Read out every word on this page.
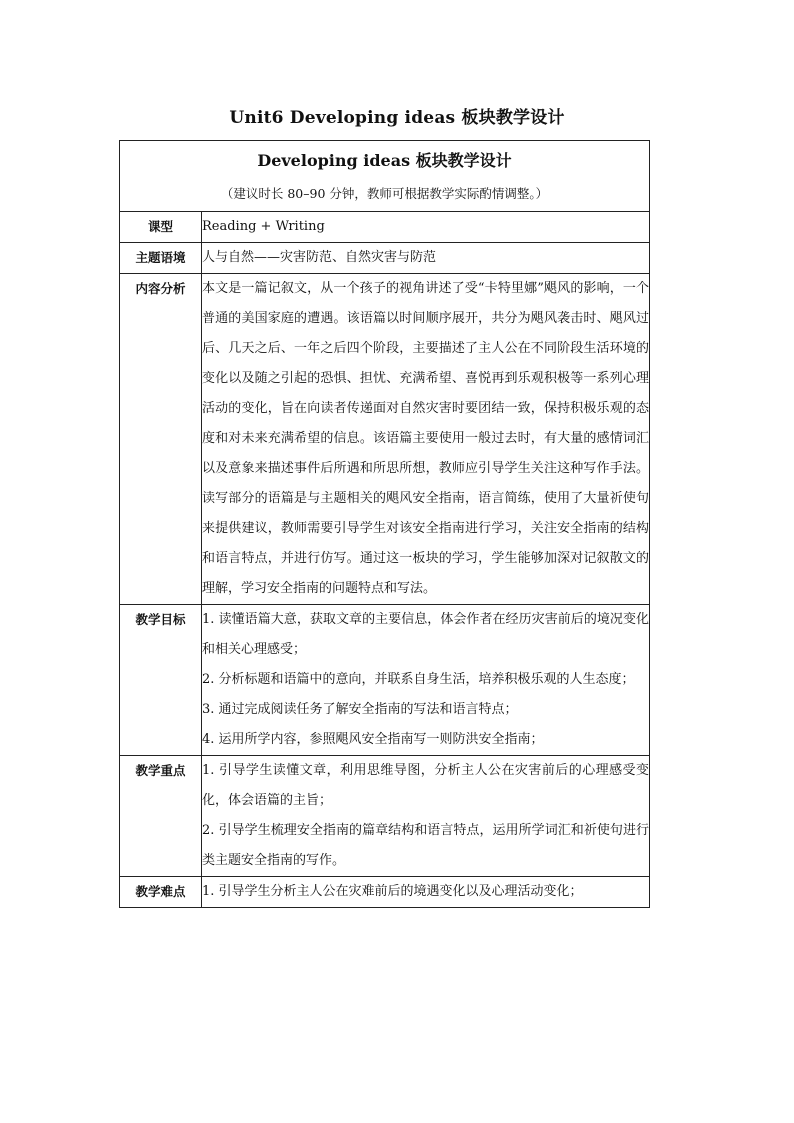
Unit6 Developing ideas 板块教学设计
Developing ideas 板块教学设计
（建议时长 80–90 分钟，教师可根据教学实际酌情调整。）	

课型	Reading + Writing

主题语境	人与自然——灾害防范、自然灾害与防范

内容分析	本文是一篇记叙文，从一个孩子的视角讲述了受“卡特里娜”飓风的影响，一个普通的美国家庭的遭遇。该语篇以时间顺序展开，共分为飓风袭击时、飓风过后、几天之后、一年之后四个阶段，主要描述了主人公在不同阶段生活环境的变化以及随之引起的恐惧、担忧、充满希望、喜悦再到乐观积极等一系列心理活动的变化，旨在向读者传递面对自然灾害时要团结一致，保持积极乐观的态度和对未来充满希望的信息。该语篇主要使用一般过去时，有大量的感情词汇以及意象来描述事件后所遇和所思所想，教师应引导学生关注这种写作手法。读写部分的语篇是与主题相关的飓风安全指南，语言简练，使用了大量祈使句来提供建议，教师需要引导学生对该安全指南进行学习，关注安全指南的结构和语言特点，并进行仿写。通过这一板块的学习，学生能够加深对记叙散文的理解，学习安全指南的问题特点和写法。

教学目标	1. 读懂语篇大意，获取文章的主要信息，体会作者在经历灾害前后的境况变化和相关心理感受；

2. 分析标题和语篇中的意向，并联系自身生活，培养积极乐观的人生态度；

3. 通过完成阅读任务了解安全指南的写法和语言特点；

4. 运用所学内容，参照飓风安全指南写一则防洪安全指南；

教学重点	1. 引导学生读懂文章，利用思维导图，分析主人公在灾害前后的心理感受变化，体会语篇的主旨；

2. 引导学生梳理安全指南的篇章结构和语言特点，运用所学词汇和祈使句进行类主题安全指南的写作。

教学难点	1. 引导学生分析主人公在灾难前后的境遇变化以及心理活动变化；
